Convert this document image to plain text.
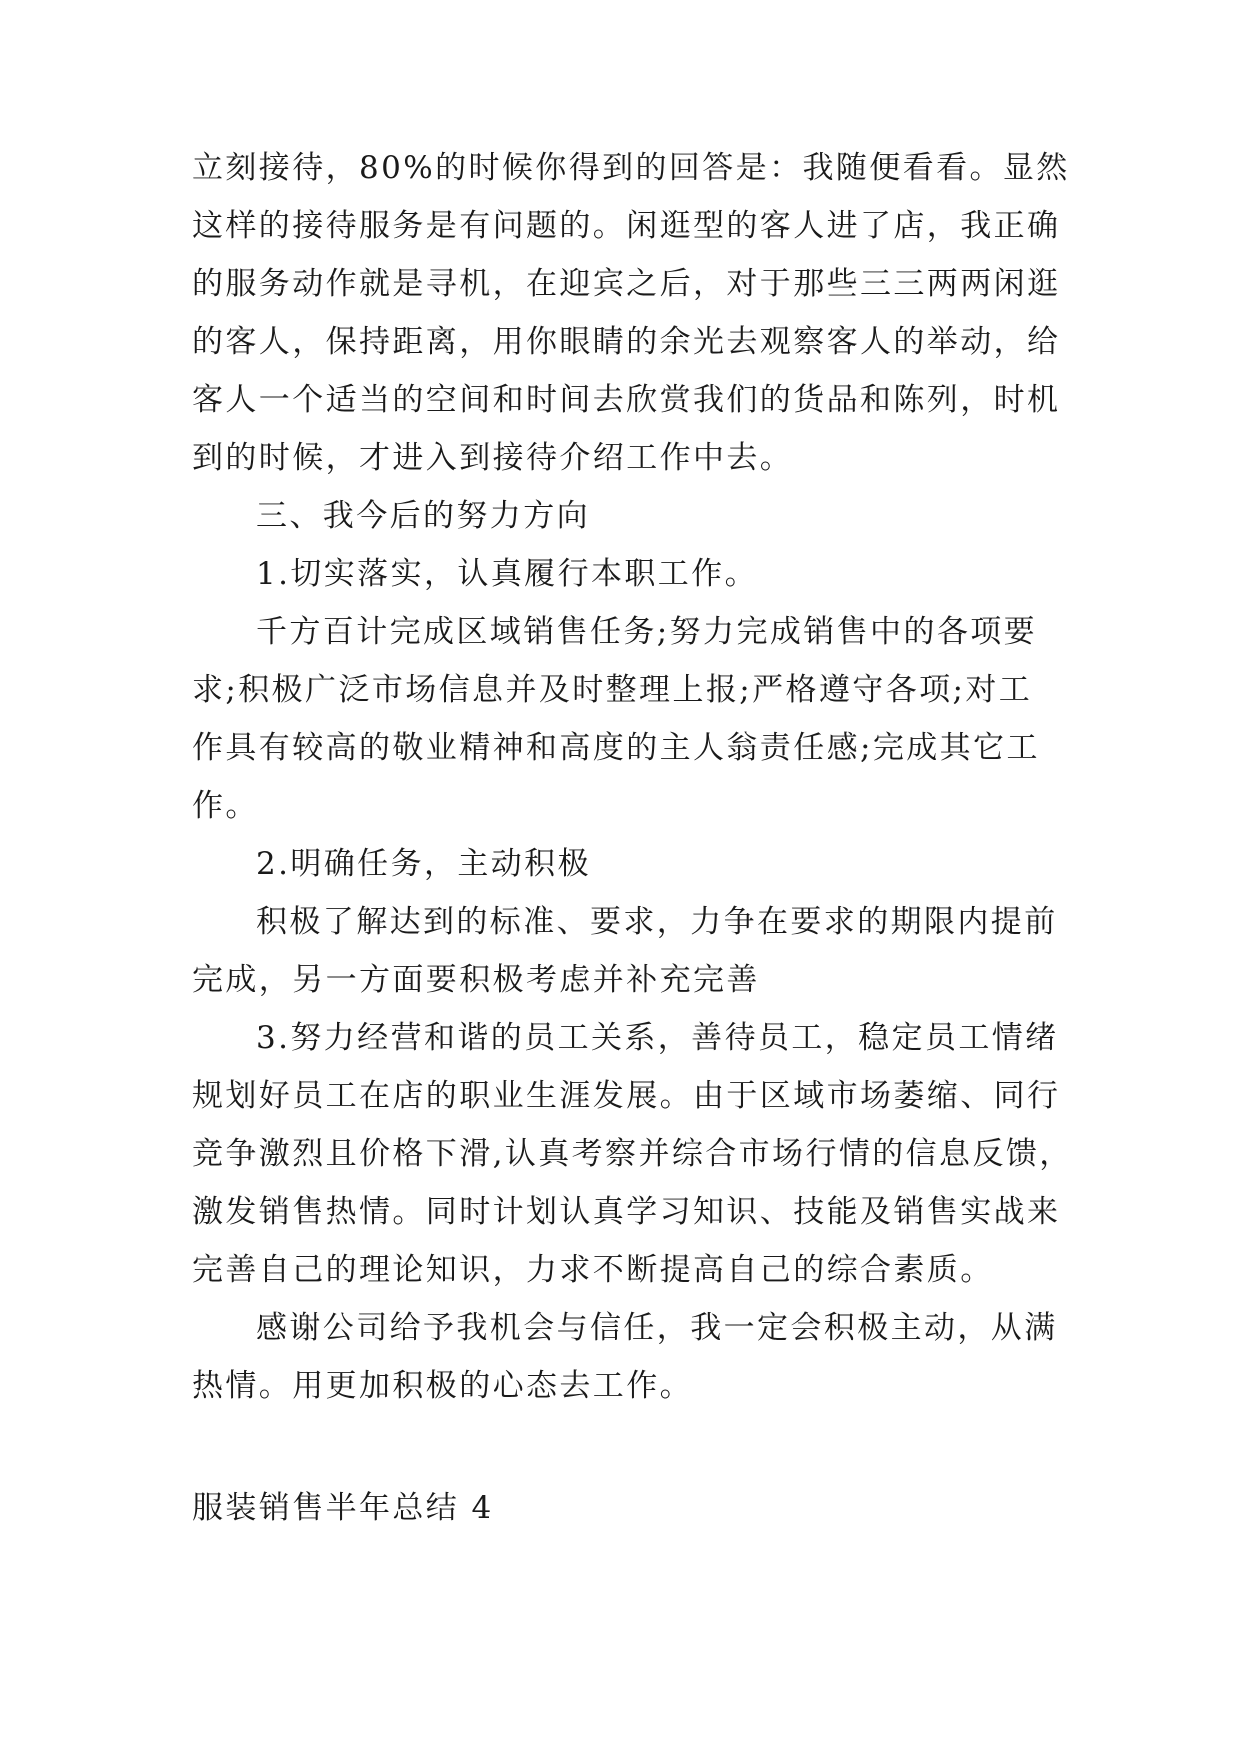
立刻接待，80%的时候你得到的回答是：我随便看看。显然
这样的接待服务是有问题的。闲逛型的客人进了店，我正确
的服务动作就是寻机，在迎宾之后，对于那些三三两两闲逛
的客人，保持距离，用你眼睛的余光去观察客人的举动，给
客人一个适当的空间和时间去欣赏我们的货品和陈列，时机
到的时候，才进入到接待介绍工作中去。
三、我今后的努力方向
1.切实落实，认真履行本职工作。
千方百计完成区域销售任务;努力完成销售中的各项要
求;积极广泛市场信息并及时整理上报;严格遵守各项;对工
作具有较高的敬业精神和高度的主人翁责任感;完成其它工
作。
2.明确任务，主动积极
积极了解达到的标准、要求，力争在要求的期限内提前
完成，另一方面要积极考虑并补充完善
3.努力经营和谐的员工关系，善待员工，稳定员工情绪
规划好员工在店的职业生涯发展。由于区域市场萎缩、同行
竞争激烈且价格下滑,认真考察并综合市场行情的信息反馈，
激发销售热情。同时计划认真学习知识、技能及销售实战来
完善自己的理论知识，力求不断提高自己的综合素质。
感谢公司给予我机会与信任，我一定会积极主动，从满
热情。用更加积极的心态去工作。
服装销售半年总结 4
